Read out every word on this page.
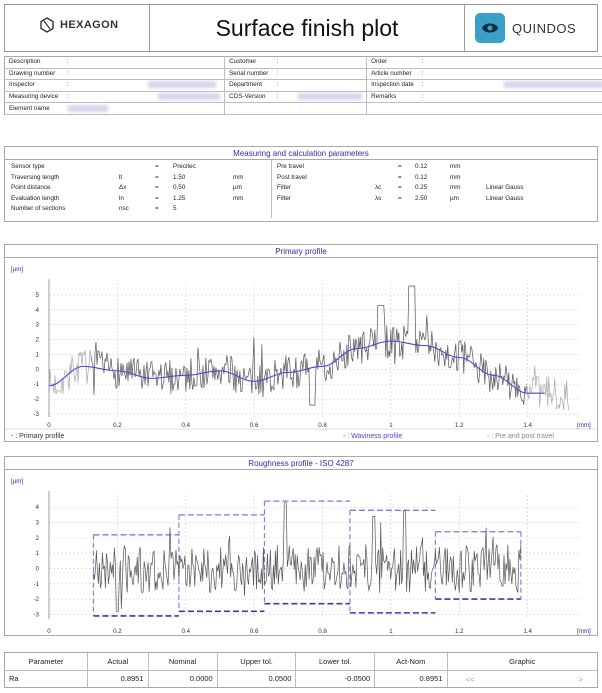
HEXAGON	Surface finish plot	QUINDOS
Description	:	Customer	:	Order	:
Drawing number	:	Serial number	:	Article number	:
Inspector	:	Department	:	Inspection date	:
Measuring device	:	CDS-Version	:	Remarks	:
Element name					
Measuring and calculation parameters
Sensor type	= Precitec
Traversing length	lt	= 1.50	mm
Point distance	Δx	= 0.50	µm
Evaluation length	ln	= 1.25	mm
Number of sections	nsc	= 5
Pre travel	= 0.12	mm
Post travel	= 0.12	mm
Filter	λc	= 0.25	mm	Linear Gauss
Filter	λs	= 2.50	µm	Linear Gauss
Primary profile
5
4
3
2
1
0
-1
-2
-3
0	0.2	0.4	0.6	0.8	1	1.2	1.4
[µm]
[mm]
- : Primary profile	- : Waviness profile	- : Pre and post travel
Roughness profile - ISO 4287
4
3
2
1
0
-1
-2
-3
0	0.2	0.4	0.6	0.8	1	1.2	1.4
[µm]
[mm]
Parameter	Actual	Nominal	Upper tol.	Lower tol.	Act-Nom	Graphic
Ra	0.8951	0.0000	0.0500	-0.0500	0.8951	<< >
